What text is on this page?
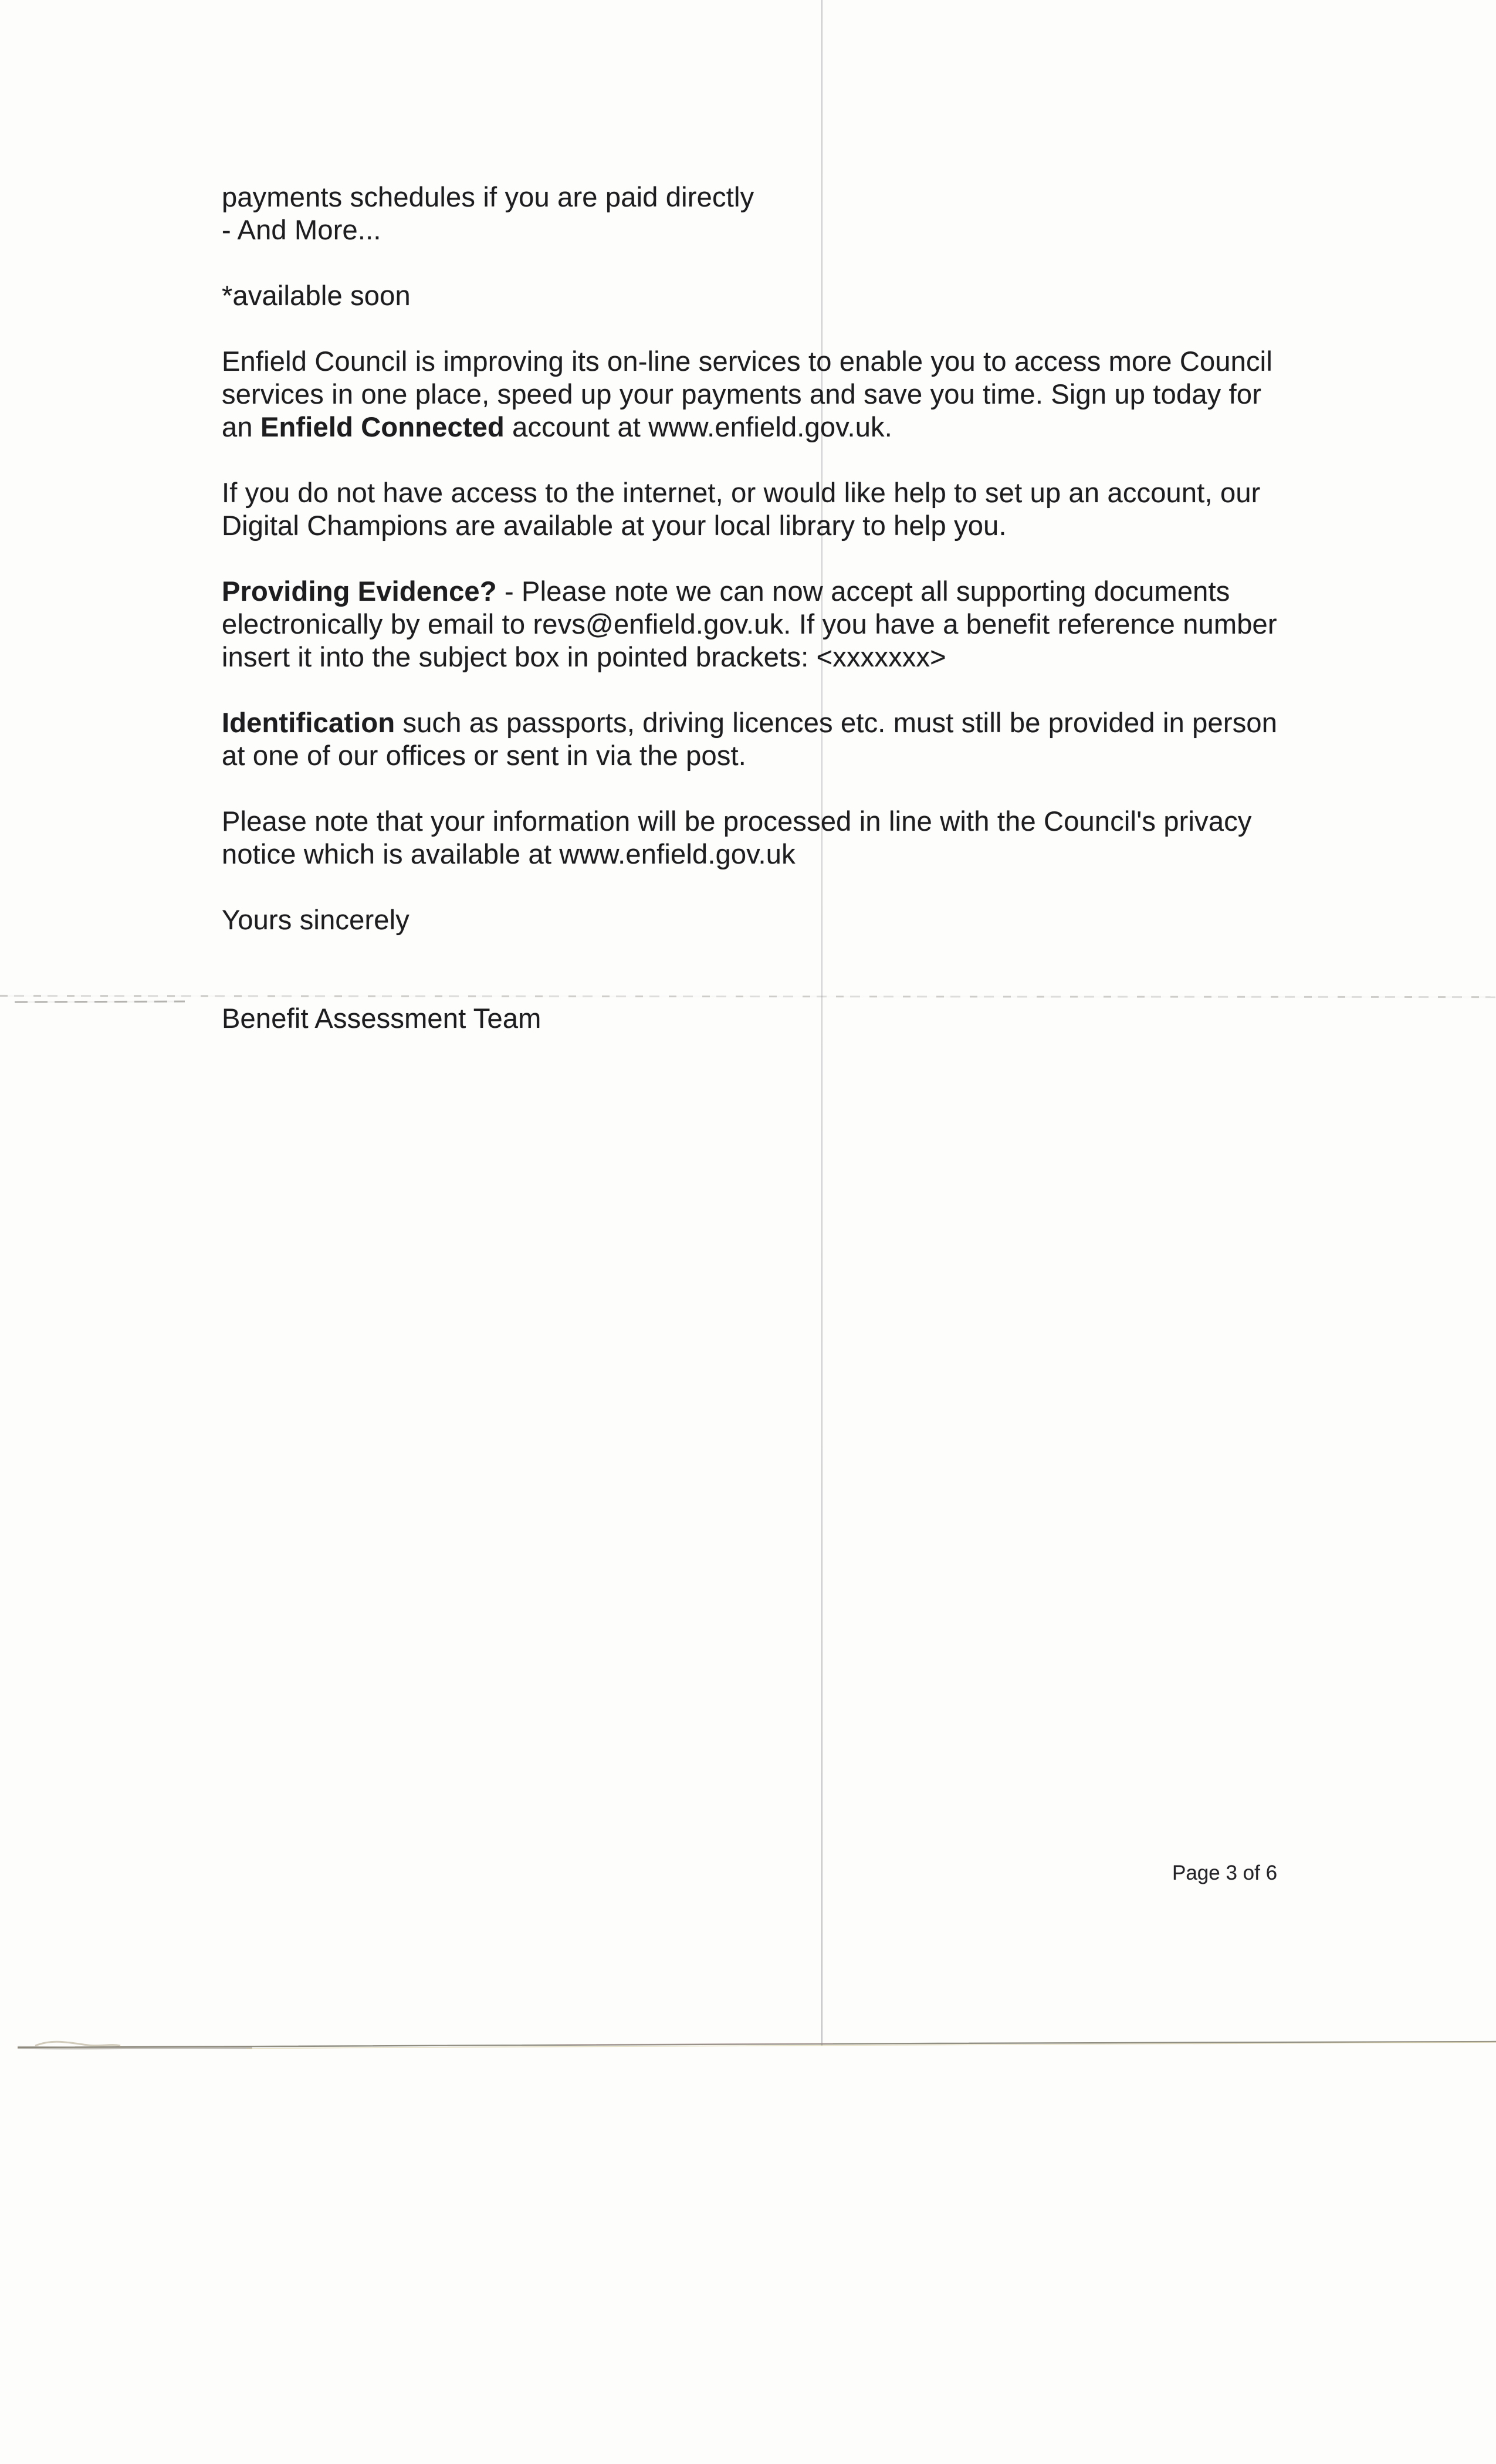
payments schedules if you are paid directly
- And More...

*available soon

Enfield Council is improving its on-line services to enable you to access more Council
services in one place, speed up your payments and save you time. Sign up today for
an Enfield Connected account at www.enfield.gov.uk.

If you do not have access to the internet, or would like help to set up an account, our
Digital Champions are available at your local library to help you.

Providing Evidence? - Please note we can now accept all supporting documents
electronically by email to revs@enfield.gov.uk. If you have a benefit reference number
insert it into the subject box in pointed brackets: <xxxxxxx>

Identification such as passports, driving licences etc. must still be provided in person
at one of our offices or sent in via the post.

Please note that your information will be processed in line with the Council's privacy
notice which is available at www.enfield.gov.uk

Yours sincerely

Benefit Assessment Team

Page 3 of 6
